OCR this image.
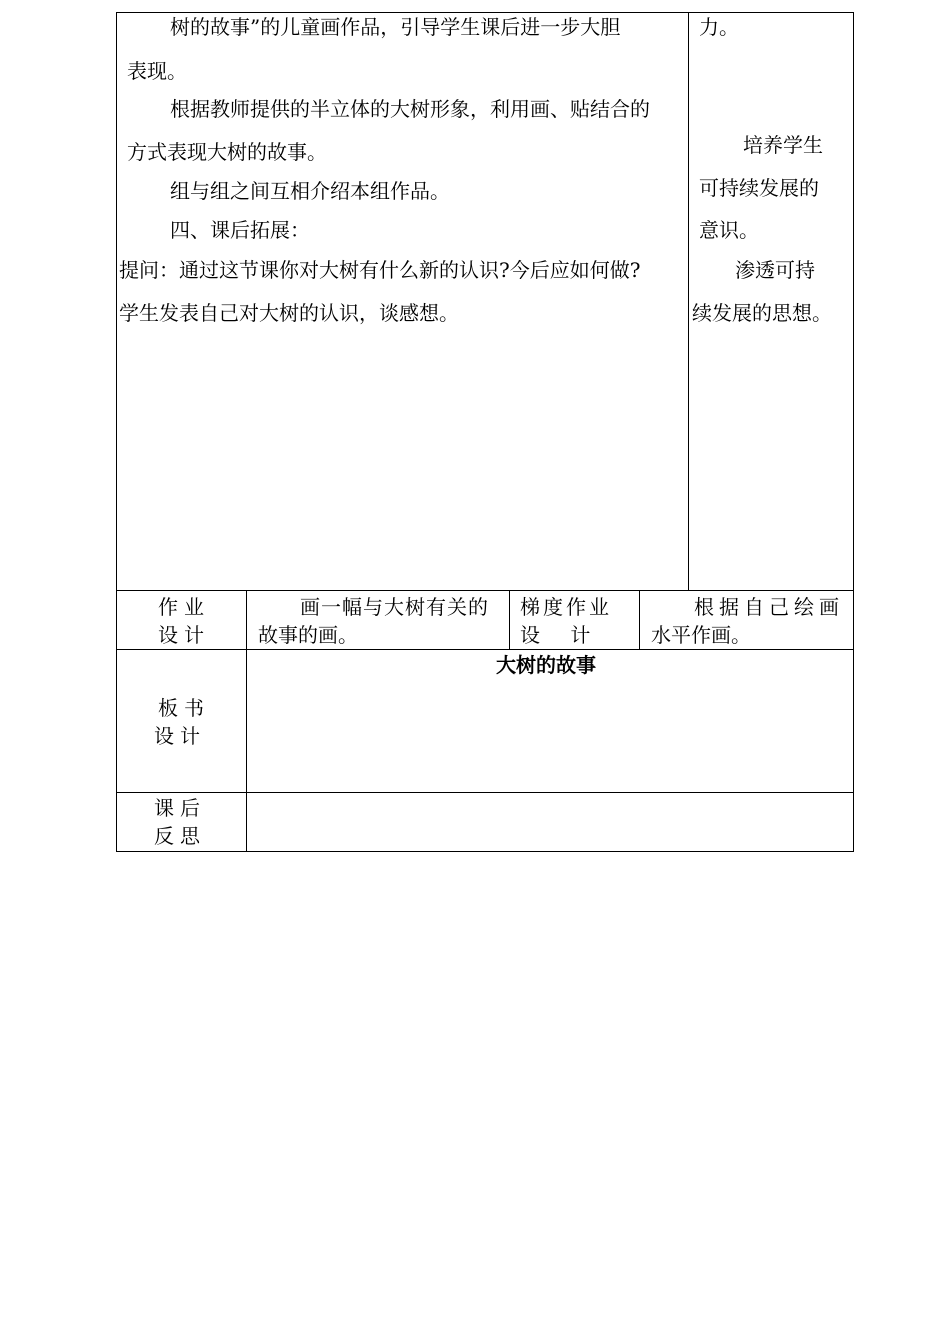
树的故事”的儿童画作品，引导学生课后进一步大胆
表现。
根据教师提供的半立体的大树形象，利用画、贴结合的
方式表现大树的故事。
组与组之间互相介绍本组作品。
四、课后拓展：
提问：通过这节课你对大树有什么新的认识?今后应如何做?
学生发表自己对大树的认识，谈感想。
力。
培养学生
可持续发展的
意识。
渗透可持
续发展的思想。
作业
设计
画一幅与大树有关的
故事的画。
梯度作业
设 计
根据自己绘画
水平作画。
板书
设计
大树的故事
课后
反思
